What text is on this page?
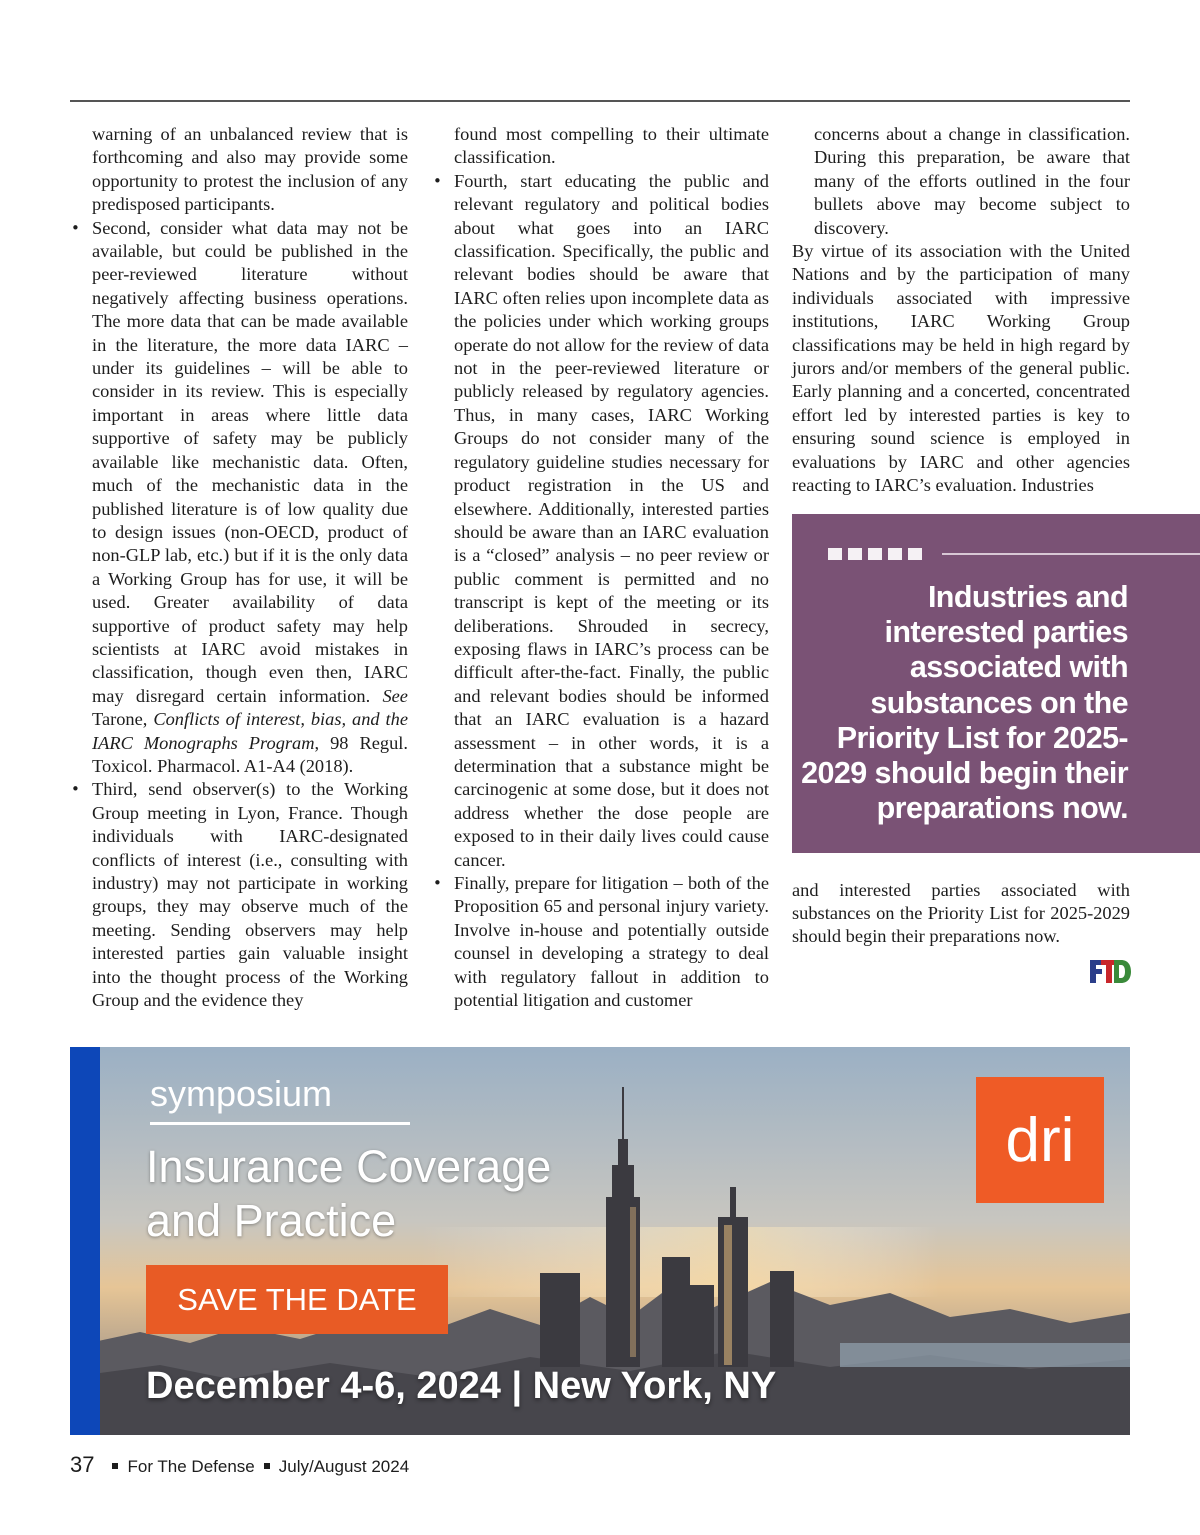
warning of an unbalanced review that is forthcoming and also may provide some opportunity to protest the inclusion of any predisposed participants.

• Second, consider what data may not be available, but could be published in the peer-reviewed literature without negatively affecting business operations. The more data that can be made available in the literature, the more data IARC – under its guidelines – will be able to consider in its review. This is especially important in areas where little data supportive of safety may be publicly available like mechanistic data. Often, much of the mechanistic data in the published literature is of low quality due to design issues (non-OECD, product of non-GLP lab, etc.) but if it is the only data a Working Group has for use, it will be used. Greater availability of data supportive of product safety may help scientists at IARC avoid mistakes in classification, though even then, IARC may disregard certain information. See Tarone, Conflicts of interest, bias, and the IARC Monographs Program, 98 Regul. Toxicol. Pharmacol. A1-A4 (2018).

• Third, send observer(s) to the Working Group meeting in Lyon, France. Though individuals with IARC-designated conflicts of interest (i.e., consulting with industry) may not participate in working groups, they may observe much of the meeting. Sending observers may help interested parties gain valuable insight into the thought process of the Working Group and the evidence they

found most compelling to their ultimate classification.

• Fourth, start educating the public and relevant regulatory and political bodies about what goes into an IARC classification. Specifically, the public and relevant bodies should be aware that IARC often relies upon incomplete data as the policies under which working groups operate do not allow for the review of data not in the peer-reviewed literature or publicly released by regulatory agencies. Thus, in many cases, IARC Working Groups do not consider many of the regulatory guideline studies necessary for product registration in the US and elsewhere. Additionally, interested parties should be aware than an IARC evaluation is a “closed” analysis – no peer review or public comment is permitted and no transcript is kept of the meeting or its deliberations. Shrouded in secrecy, exposing flaws in IARC’s process can be difficult after-the-fact. Finally, the public and relevant bodies should be informed that an IARC evaluation is a hazard assessment – in other words, it is a determination that a substance might be carcinogenic at some dose, but it does not address whether the dose people are exposed to in their daily lives could cause cancer.

• Finally, prepare for litigation – both of the Proposition 65 and personal injury variety. Involve in-house and potentially outside counsel in developing a strategy to deal with regulatory fallout in addition to potential litigation and customer

concerns about a change in classification. During this preparation, be aware that many of the efforts outlined in the four bullets above may become subject to discovery.

By virtue of its association with the United Nations and by the participation of many individuals associated with impressive institutions, IARC Working Group classifications may be held in high regard by jurors and/or members of the general public. Early planning and a concerted, concentrated effort led by interested parties is key to ensuring sound science is employed in evaluations by IARC and other agencies reacting to IARC’s evaluation. Industries

and interested parties associated with substances on the Priority List for 2025-2029 should begin their preparations now.

Industries and interested parties associated with substances on the Priority List for 2025-2029 should begin their preparations now.
symposium
Insurance Coverage
and Practice
SAVE THE DATE
December 4-6, 2024 | New York, NY
dri
37 For The Defense July/August 2024
